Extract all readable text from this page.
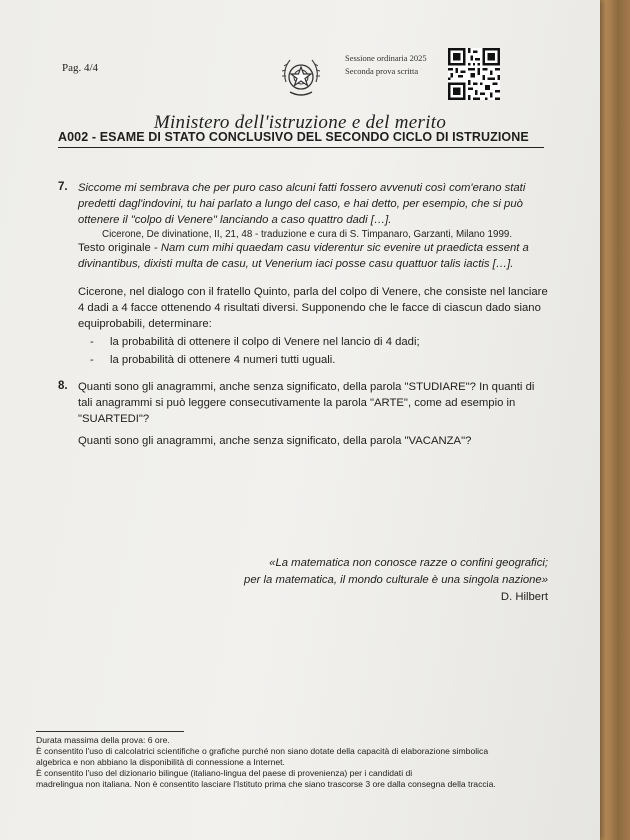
Pag. 4/4
Sessione ordinaria 2025
Seconda prova scritta
Ministero dell'istruzione e del merito
A002 - ESAME DI STATO CONCLUSIVO DEL SECONDO CICLO DI ISTRUZIONE
7. Siccome mi sembrava che per puro caso alcuni fatti fossero avvenuti così com'erano stati
predetti dagl'indovini, tu hai parlato a lungo del caso, e hai detto, per esempio, che si può
ottenere il "colpo di Venere" lanciando a caso quattro dadi […].
Cicerone, De divinatione, II, 21, 48 - traduzione e cura di S. Timpanaro, Garzanti, Milano 1999.
Testo originale - Nam cum mihi quaedam casu viderentur sic evenire ut praedicta essent a
divinantibus, dixisti multa de casu, ut Venerium iaci posse casu quattuor talis iactis […].
Cicerone, nel dialogo con il fratello Quinto, parla del colpo di Venere, che consiste nel lanciare
4 dadi a 4 facce ottenendo 4 risultati diversi. Supponendo che le facce di ciascun dado siano
equiprobabili, determinare:
- la probabilità di ottenere il colpo di Venere nel lancio di 4 dadi;
- la probabilità di ottenere 4 numeri tutti uguali.
8. Quanti sono gli anagrammi, anche senza significato, della parola "STUDIARE"? In quanti di
tali anagrammi si può leggere consecutivamente la parola "ARTE", come ad esempio in
"SUARTEDI"?
Quanti sono gli anagrammi, anche senza significato, della parola "VACANZA"?
«La matematica non conosce razze o confini geografici;
per la matematica, il mondo culturale è una singola nazione»
D. Hilbert
Durata massima della prova: 6 ore.
È consentito l'uso di calcolatrici scientifiche o grafiche purché non siano dotate della capacità di elaborazione simbolica
algebrica e non abbiano la disponibilità di connessione a Internet.
È consentito l'uso del dizionario bilingue (italiano-lingua del paese di provenienza) per i candidati di
madrelingua non italiana. Non è consentito lasciare l'Istituto prima che siano trascorse 3 ore dalla consegna della traccia.
